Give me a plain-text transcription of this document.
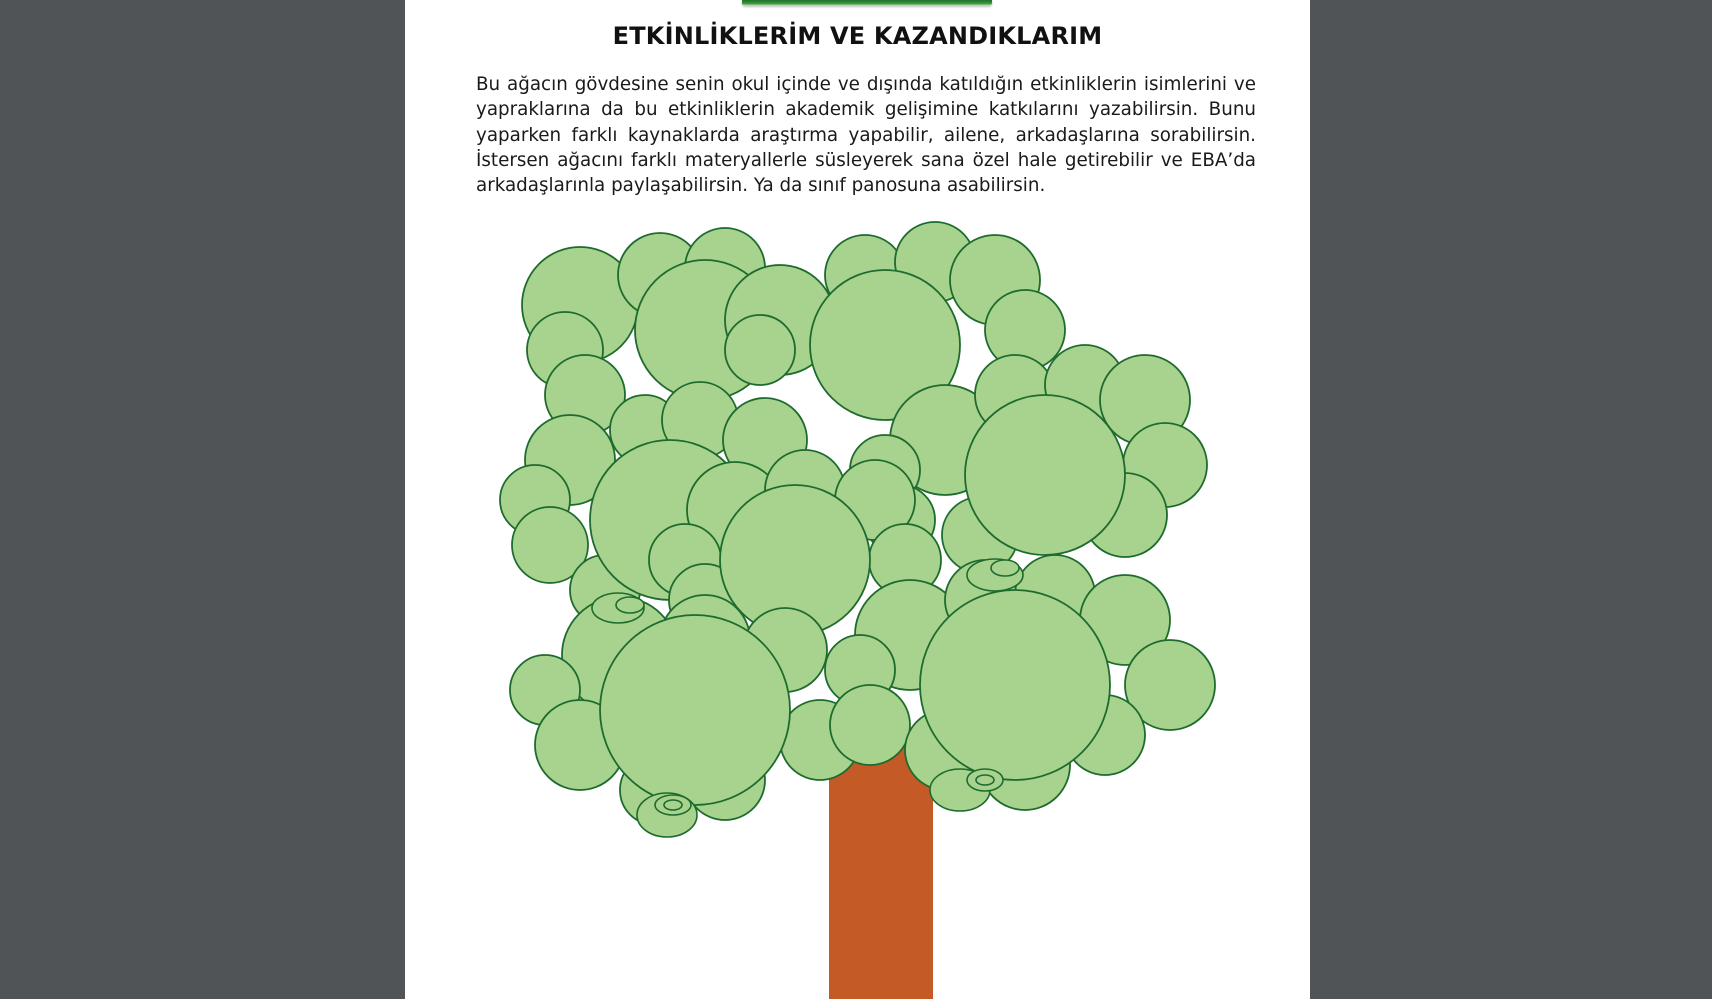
ETKİNLİKLERİM VE KAZANDIKLARIM

Bu ağacın gövdesine senin okul içinde ve dışında katıldığın etkinliklerin isimlerini ve yapraklarına da bu etkinliklerin akademik gelişimine katkılarını yazabilirsin. Bunu yaparken farklı kaynaklarda araştırma yapabilir, ailene, arkadaşlarına sorabilirsin. İstersen ağacını farklı materyallerle süsleyerek sana özel hale getirebilir ve EBA’da arkadaşlarınla paylaşabilirsin. Ya da sınıf panosuna asabilirsin.
